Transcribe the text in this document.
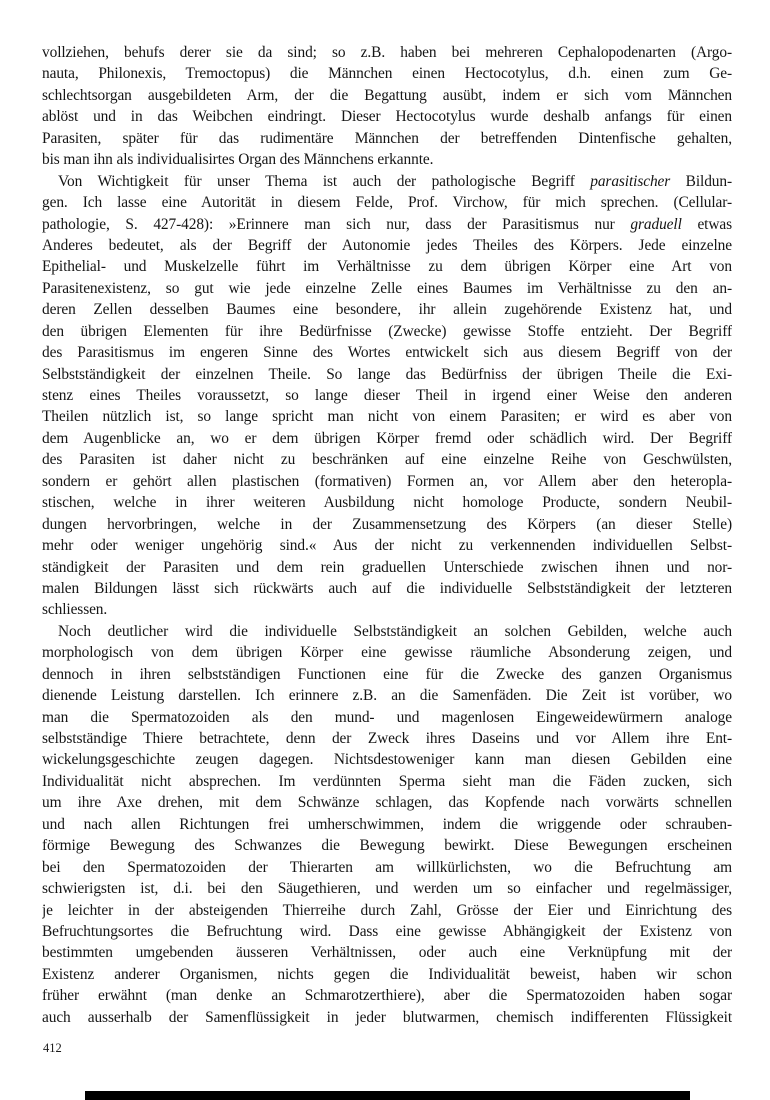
vollziehen, behufs derer sie da sind; so z.B. haben bei mehreren Cephalopodenarten (Argo-
nauta, Philonexis, Tremoctopus) die Männchen einen Hectocotylus, d.h. einen zum Ge-
schlechtsorgan ausgebildeten Arm, der die Begattung ausübt, indem er sich vom Männchen
ablöst und in das Weibchen eindringt. Dieser Hectocotylus wurde deshalb anfangs für einen
Parasiten, später für das rudimentäre Männchen der betreffenden Dintenfische gehalten,
bis man ihn als individualisirtes Organ des Männchens erkannte.
Von Wichtigkeit für unser Thema ist auch der pathologische Begriff parasitischer Bildun-
gen. Ich lasse eine Autorität in diesem Felde, Prof. Virchow, für mich sprechen. (Cellular-
pathologie, S. 427-428): »Erinnere man sich nur, dass der Parasitismus nur graduell etwas
Anderes bedeutet, als der Begriff der Autonomie jedes Theiles des Körpers. Jede einzelne
Epithelial- und Muskelzelle führt im Verhältnisse zu dem übrigen Körper eine Art von
Parasitenexistenz, so gut wie jede einzelne Zelle eines Baumes im Verhältnisse zu den an-
deren Zellen desselben Baumes eine besondere, ihr allein zugehörende Existenz hat, und
den übrigen Elementen für ihre Bedürfnisse (Zwecke) gewisse Stoffe entzieht. Der Begriff
des Parasitismus im engeren Sinne des Wortes entwickelt sich aus diesem Begriff von der
Selbstständigkeit der einzelnen Theile. So lange das Bedürfniss der übrigen Theile die Exi-
stenz eines Theiles voraussetzt, so lange dieser Theil in irgend einer Weise den anderen
Theilen nützlich ist, so lange spricht man nicht von einem Parasiten; er wird es aber von
dem Augenblicke an, wo er dem übrigen Körper fremd oder schädlich wird. Der Begriff
des Parasiten ist daher nicht zu beschränken auf eine einzelne Reihe von Geschwülsten,
sondern er gehört allen plastischen (formativen) Formen an, vor Allem aber den heteropla-
stischen, welche in ihrer weiteren Ausbildung nicht homologe Producte, sondern Neubil-
dungen hervorbringen, welche in der Zusammensetzung des Körpers (an dieser Stelle)
mehr oder weniger ungehörig sind.« Aus der nicht zu verkennenden individuellen Selbst-
ständigkeit der Parasiten und dem rein graduellen Unterschiede zwischen ihnen und nor-
malen Bildungen lässt sich rückwärts auch auf die individuelle Selbstständigkeit der letzteren
schliessen.
Noch deutlicher wird die individuelle Selbstständigkeit an solchen Gebilden, welche auch
morphologisch von dem übrigen Körper eine gewisse räumliche Absonderung zeigen, und
dennoch in ihren selbstständigen Functionen eine für die Zwecke des ganzen Organismus
dienende Leistung darstellen. Ich erinnere z.B. an die Samenfäden. Die Zeit ist vorüber, wo
man die Spermatozoiden als den mund- und magenlosen Eingeweidewürmern analoge
selbstständige Thiere betrachtete, denn der Zweck ihres Daseins und vor Allem ihre Ent-
wickelungsgeschichte zeugen dagegen. Nichtsdestoweniger kann man diesen Gebilden eine
Individualität nicht absprechen. Im verdünnten Sperma sieht man die Fäden zucken, sich
um ihre Axe drehen, mit dem Schwänze schlagen, das Kopfende nach vorwärts schnellen
und nach allen Richtungen frei umherschwimmen, indem die wriggende oder schrauben-
förmige Bewegung des Schwanzes die Bewegung bewirkt. Diese Bewegungen erscheinen
bei den Spermatozoiden der Thierarten am willkürlichsten, wo die Befruchtung am
schwierigsten ist, d.i. bei den Säugethieren, und werden um so einfacher und regelmässiger,
je leichter in der absteigenden Thierreihe durch Zahl, Grösse der Eier und Einrichtung des
Befruchtungsortes die Befruchtung wird. Dass eine gewisse Abhängigkeit der Existenz von
bestimmten umgebenden äusseren Verhältnissen, oder auch eine Verknüpfung mit der
Existenz anderer Organismen, nichts gegen die Individualität beweist, haben wir schon
früher erwähnt (man denke an Schmarotzerthiere), aber die Spermatozoiden haben sogar
auch ausserhalb der Samenflüssigkeit in jeder blutwarmen, chemisch indifferenten Flüssigkeit
412
